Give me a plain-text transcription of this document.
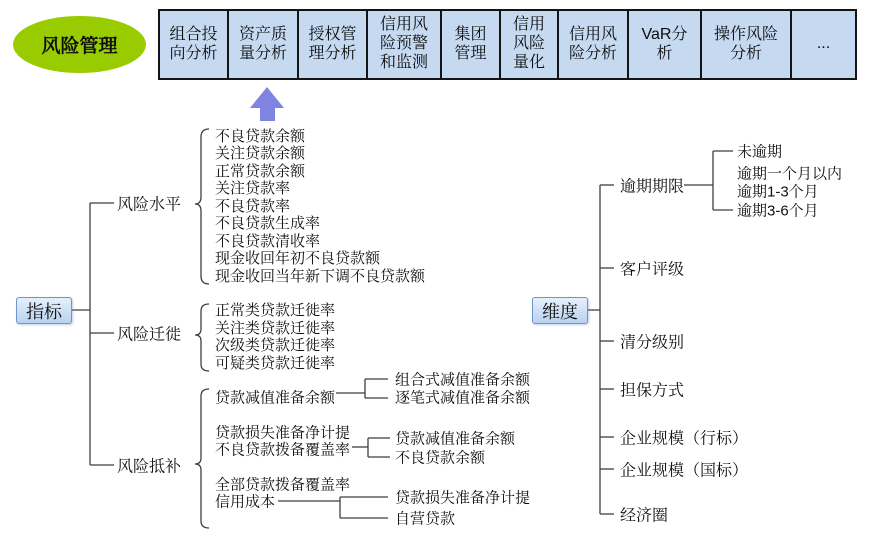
风险管理
组合投向分析
资产质量分析
授权管理分析
信用风险预警和监测
集团管理
信用风险量化
信用风险分析
VaR分析
操作风险分析
...
指标
风险水平
风险迁徙
风险抵补
不良贷款余额
关注贷款余额
正常贷款余额
关注贷款率
不良贷款率
不良贷款生成率
不良贷款清收率
现金收回年初不良贷款额
现金收回当年新下调不良贷款额
正常类贷款迁徙率
关注类贷款迁徙率
次级类贷款迁徙率
可疑类贷款迁徙率
贷款减值准备余额
贷款损失准备净计提
不良贷款拨备覆盖率
全部贷款拨备覆盖率
信用成本
组合式减值准备余额
逐笔式减值准备余额
贷款减值准备余额
不良贷款余额
贷款损失准备净计提
自营贷款
维度
逾期期限
客户评级
清分级别
担保方式
企业规模（行标）
企业规模（国标）
经济圈
未逾期
逾期一个月以内
逾期1-3个月
逾期3-6个月
